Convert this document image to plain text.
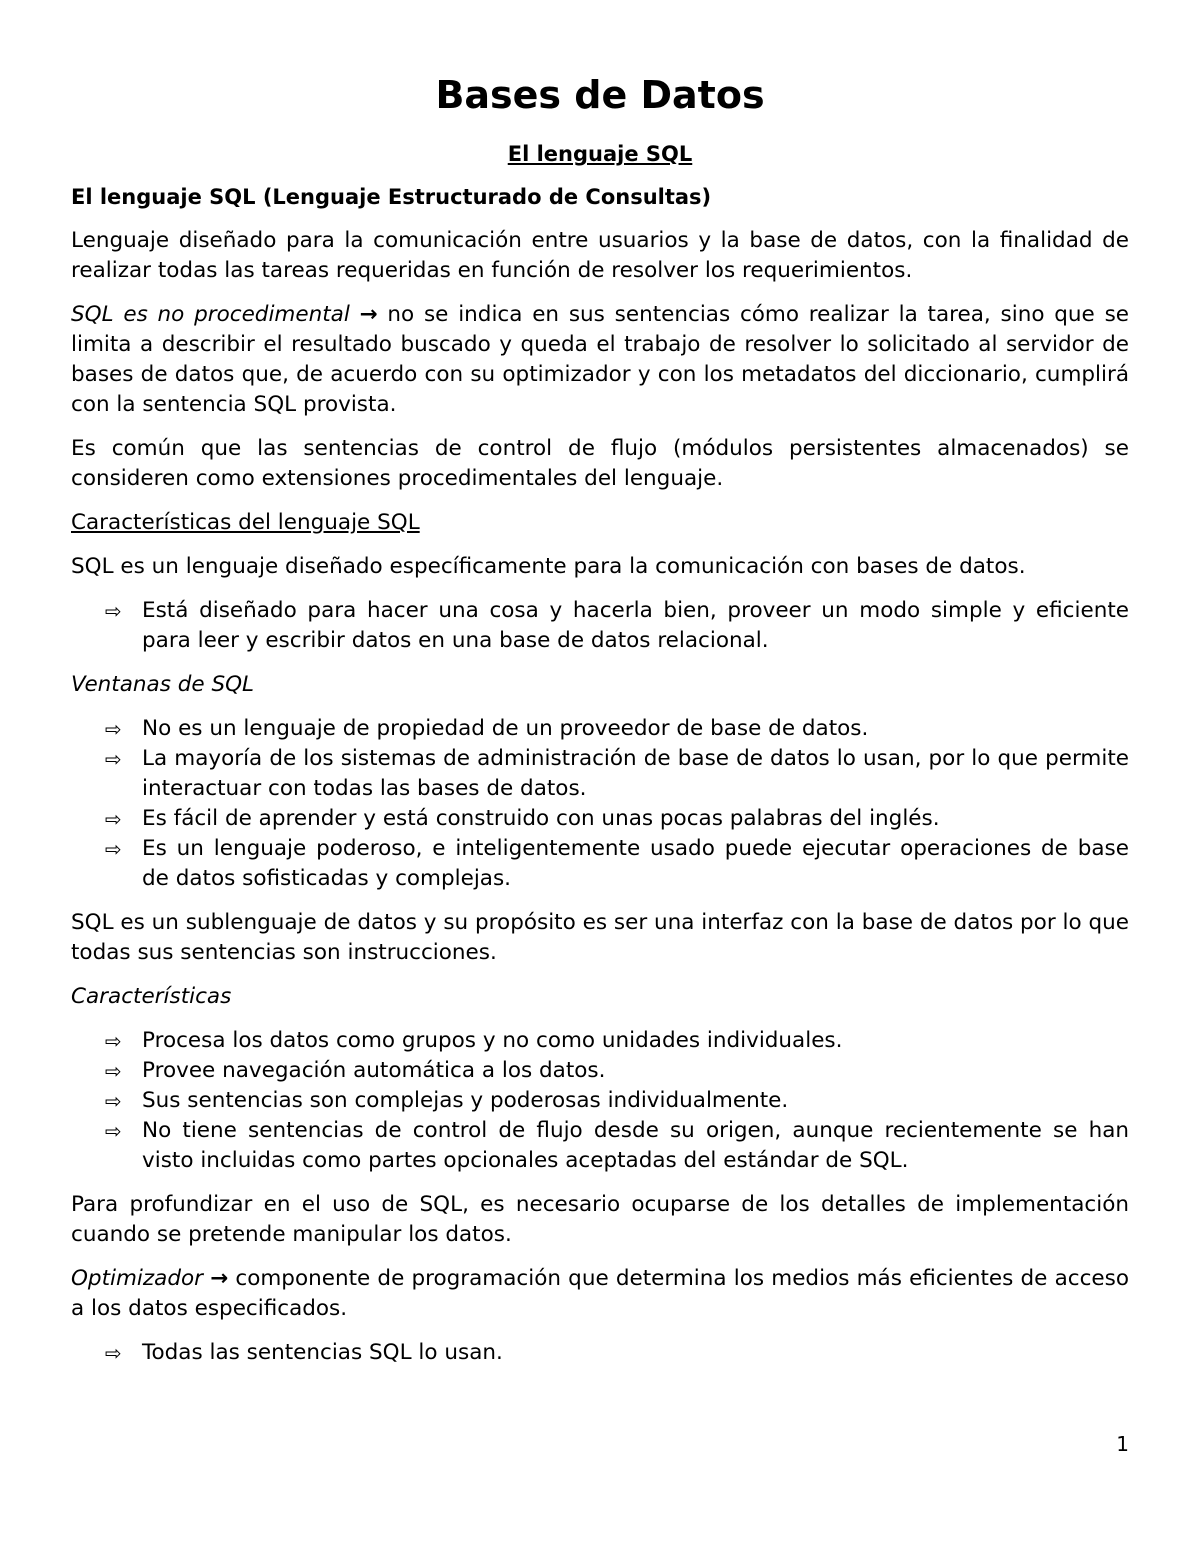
Bases de Datos
El lenguaje SQL
El lenguaje SQL (Lenguaje Estructurado de Consultas)

Lenguaje diseñado para la comunicación entre usuarios y la base de datos, con la finalidad de realizar todas las tareas requeridas en función de resolver los requerimientos.

SQL es no procedimental → no se indica en sus sentencias cómo realizar la tarea, sino que se limita a describir el resultado buscado y queda el trabajo de resolver lo solicitado al servidor de bases de datos que, de acuerdo con su optimizador y con los metadatos del diccionario, cumplirá con la sentencia SQL provista.

Es común que las sentencias de control de flujo (módulos persistentes almacenados) se consideren como extensiones procedimentales del lenguaje.

Características del lenguaje SQL

SQL es un lenguaje diseñado específicamente para la comunicación con bases de datos.

⇨ Está diseñado para hacer una cosa y hacerla bien, proveer un modo simple y eficiente para leer y escribir datos en una base de datos relacional.

Ventanas de SQL

⇨ No es un lenguaje de propiedad de un proveedor de base de datos.
⇨ La mayoría de los sistemas de administración de base de datos lo usan, por lo que permite interactuar con todas las bases de datos.
⇨ Es fácil de aprender y está construido con unas pocas palabras del inglés.
⇨ Es un lenguaje poderoso, e inteligentemente usado puede ejecutar operaciones de base de datos sofisticadas y complejas.

SQL es un sublenguaje de datos y su propósito es ser una interfaz con la base de datos por lo que todas sus sentencias son instrucciones.

Características

⇨ Procesa los datos como grupos y no como unidades individuales.
⇨ Provee navegación automática a los datos.
⇨ Sus sentencias son complejas y poderosas individualmente.
⇨ No tiene sentencias de control de flujo desde su origen, aunque recientemente se han visto incluidas como partes opcionales aceptadas del estándar de SQL.

Para profundizar en el uso de SQL, es necesario ocuparse de los detalles de implementación cuando se pretende manipular los datos.

Optimizador → componente de programación que determina los medios más eficientes de acceso a los datos especificados.

⇨ Todas las sentencias SQL lo usan.
1
